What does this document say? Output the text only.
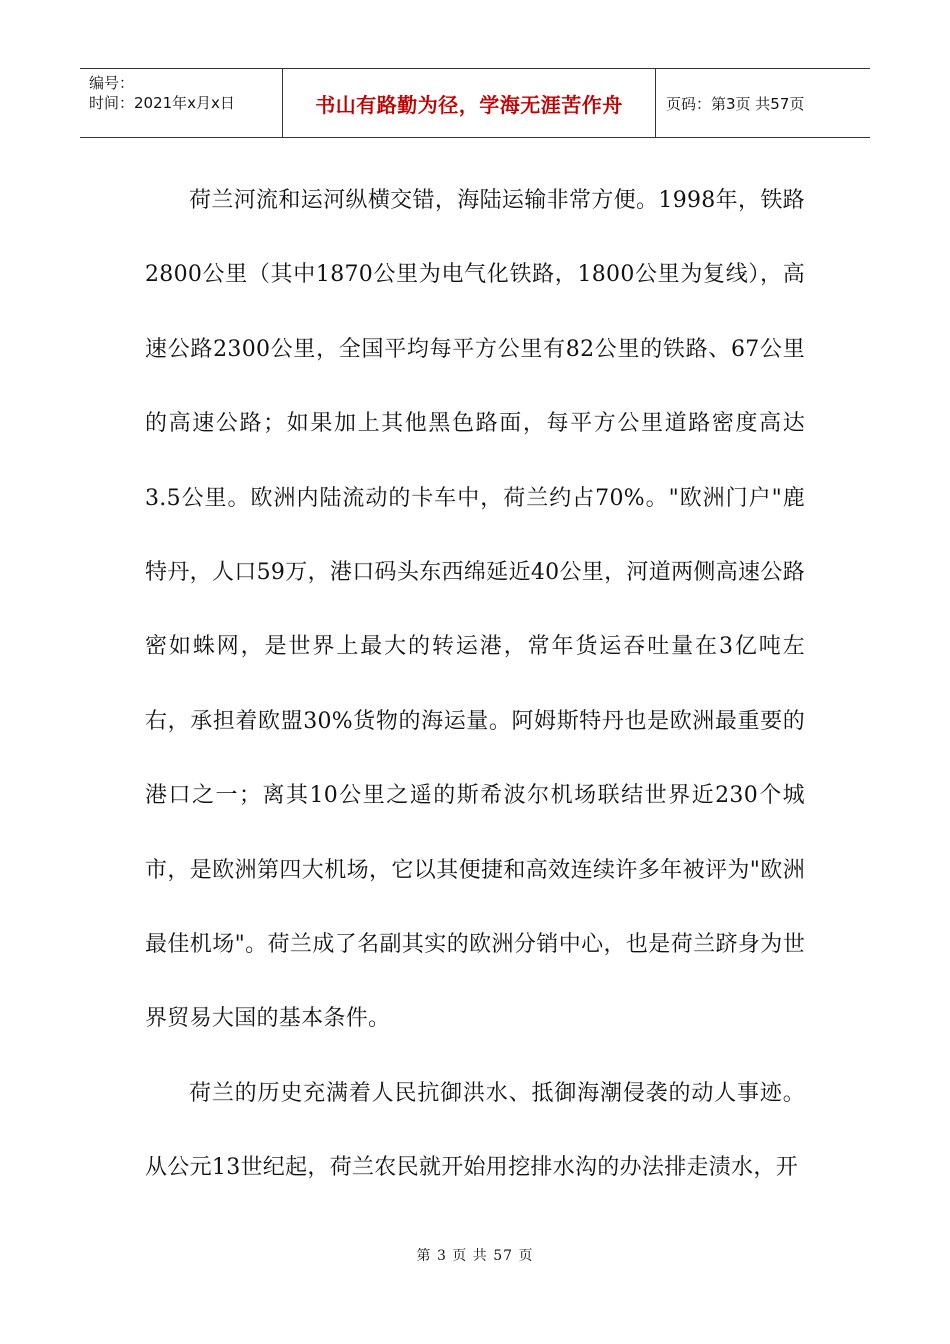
编号：
时间：2021年x月x日	书山有路勤为径，学海无涯苦作舟	页码：第3页 共57页

荷兰河流和运河纵横交错，海陆运输非常方便。1998年，铁路2800公里（其中1870公里为电气化铁路，1800公里为复线），高速公路2300公里，全国平均每平方公里有82公里的铁路、67公里的高速公路；如果加上其他黑色路面，每平方公里道路密度高达3.5公里。欧洲内陆流动的卡车中，荷兰约占70%。"欧洲门户"鹿特丹，人口59万，港口码头东西绵延近40公里，河道两侧高速公路密如蛛网，是世界上最大的转运港，常年货运吞吐量在3亿吨左右，承担着欧盟30%货物的海运量。阿姆斯特丹也是欧洲最重要的港口之一；离其10公里之遥的斯希波尔机场联结世界近230个城市，是欧洲第四大机场，它以其便捷和高效连续许多年被评为"欧洲最佳机场"。荷兰成了名副其实的欧洲分销中心，也是荷兰跻身为世界贸易大国的基本条件。

荷兰的历史充满着人民抗御洪水、抵御海潮侵袭的动人事迹。从公元13世纪起，荷兰农民就开始用挖排水沟的办法排走渍水，开

第 3 页 共 57 页
